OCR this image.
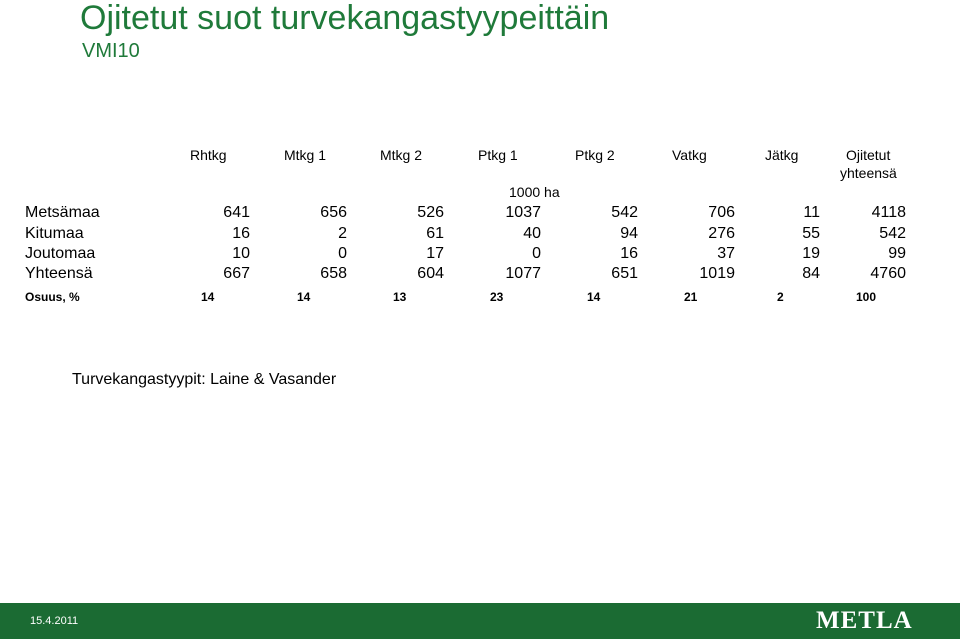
Ojitetut suot turvekangastyypeittäin
VMI10
Rhtkg	Mtkg 1	Mtkg 2	Ptkg 1	Ptkg 2	Vatkg	Jätkg	Ojitetut
yhteensä
1000 ha
Metsämaa	641	656	526	1037	542	706	11	4118
Kitumaa	16	2	61	40	94	276	55	542
Joutomaa	10	0	17	0	16	37	19	99
Yhteensä	667	658	604	1077	651	1019	84	4760
Osuus, %	14	14	13	23	14	21	2	100
Turvekangastyypit: Laine & Vasander
15.4.2011	METLA
